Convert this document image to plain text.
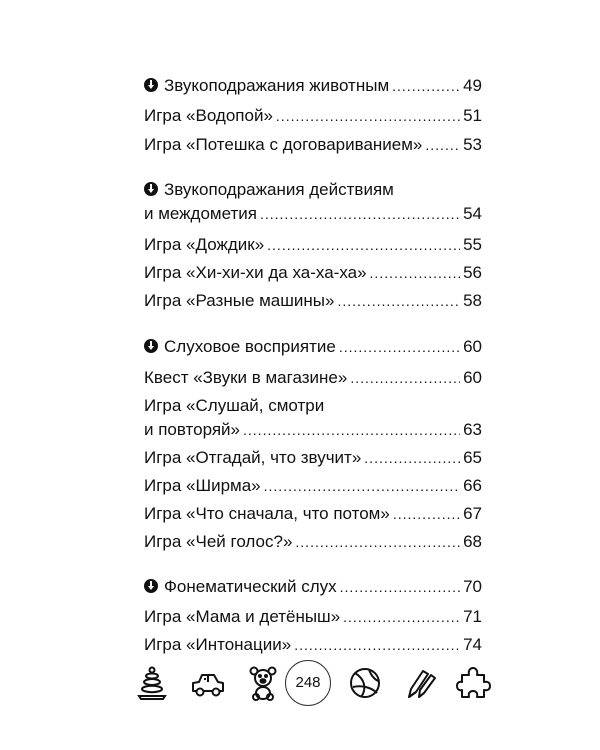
Звукоподражания животным .....	49
Игра «Водопой» .....	51
Игра «Потешка с договариванием» ..... 53
Звукоподражания действиям
и междометия .....	54
Игра «Дождик» .....	55
Игра «Хи-хи-хи да ха-ха-ха» .....	56
Игра «Разные машины» .....	58
Слуховое восприятие .....	60
Квест «Звуки в магазине» .....	60
Игра «Слушай, смотри
и повторяй» .....	63
Игра «Отгадай, что звучит» .....	65
Игра «Ширма» .....	66
Игра «Что сначала, что потом» .....	67
Игра «Чей голос?» .....	68
Фонематический слух .....	70
Игра «Мама и детёныш» .....	71
Игра «Интонации» .....	74
248
